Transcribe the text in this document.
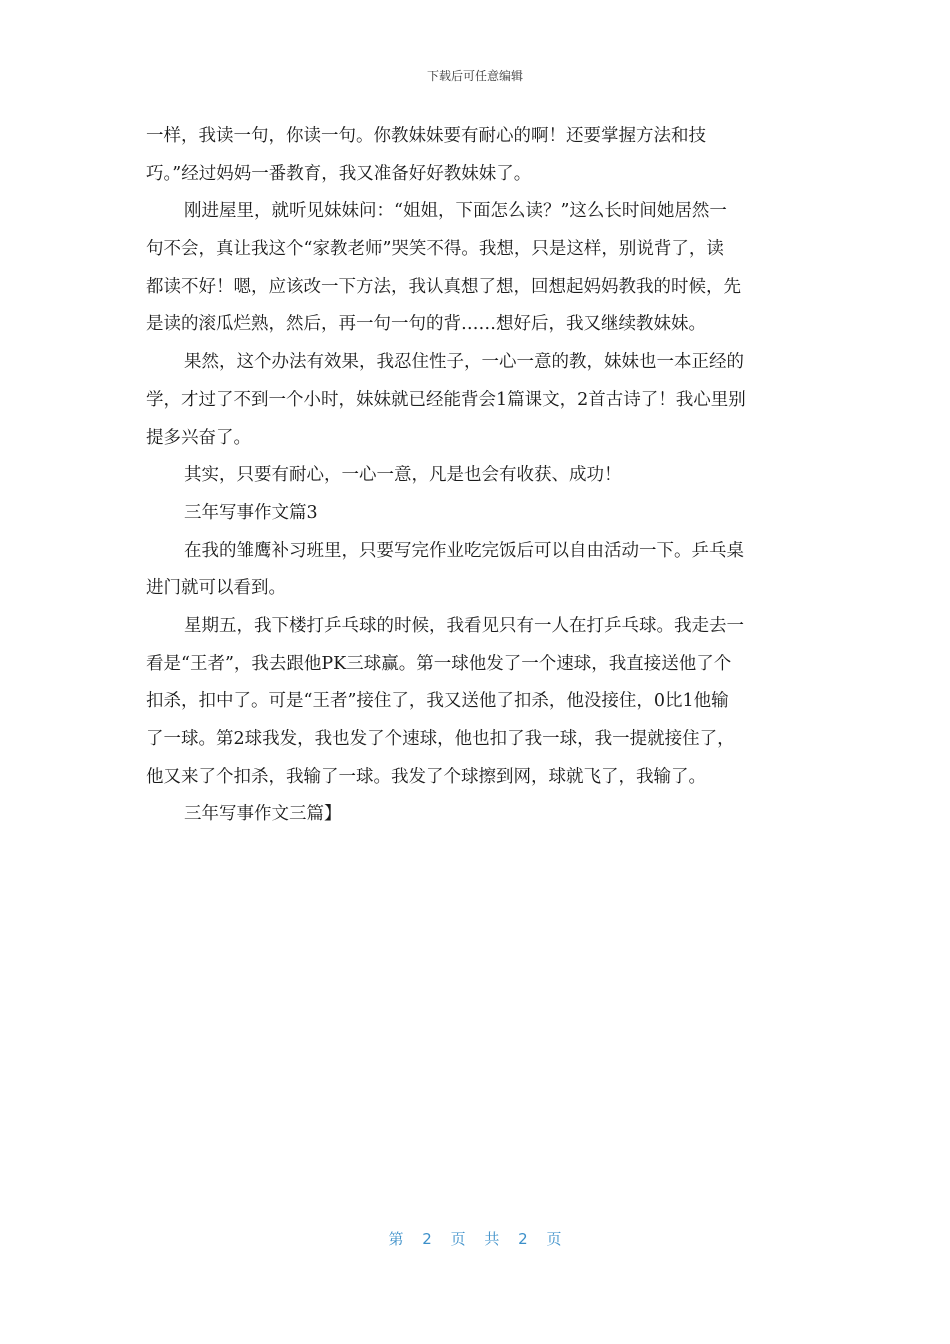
下载后可任意编辑
一样，我读一句，你读一句。你教妹妹要有耐心的啊！还要掌握方法和技
巧。”经过妈妈一番教育，我又准备好好教妹妹了。
刚进屋里，就听见妹妹问：“姐姐，下面怎么读？”这么长时间她居然一
句不会，真让我这个“家教老师”哭笑不得。我想，只是这样，别说背了，读
都读不好！嗯，应该改一下方法，我认真想了想，回想起妈妈教我的时候，先
是读的滚瓜烂熟，然后，再一句一句的背……想好后，我又继续教妹妹。
果然，这个办法有效果，我忍住性子，一心一意的教，妹妹也一本正经的
学，才过了不到一个小时，妹妹就已经能背会1篇课文，2首古诗了！我心里别
提多兴奋了。
其实，只要有耐心，一心一意，凡是也会有收获、成功！
三年写事作文篇3
在我的雏鹰补习班里，只要写完作业吃完饭后可以自由活动一下。乒乓桌
进门就可以看到。
星期五，我下楼打乒乓球的时候，我看见只有一人在打乒乓球。我走去一
看是“王者”，我去跟他PK三球赢。第一球他发了一个速球，我直接送他了个
扣杀，扣中了。可是“王者”接住了，我又送他了扣杀，他没接住，0比1他输
了一球。第2球我发，我也发了个速球，他也扣了我一球，我一提就接住了，
他又来了个扣杀，我输了一球。我发了个球擦到网，球就飞了，我输了。
三年写事作文三篇】
第 2 页 共 2 页
